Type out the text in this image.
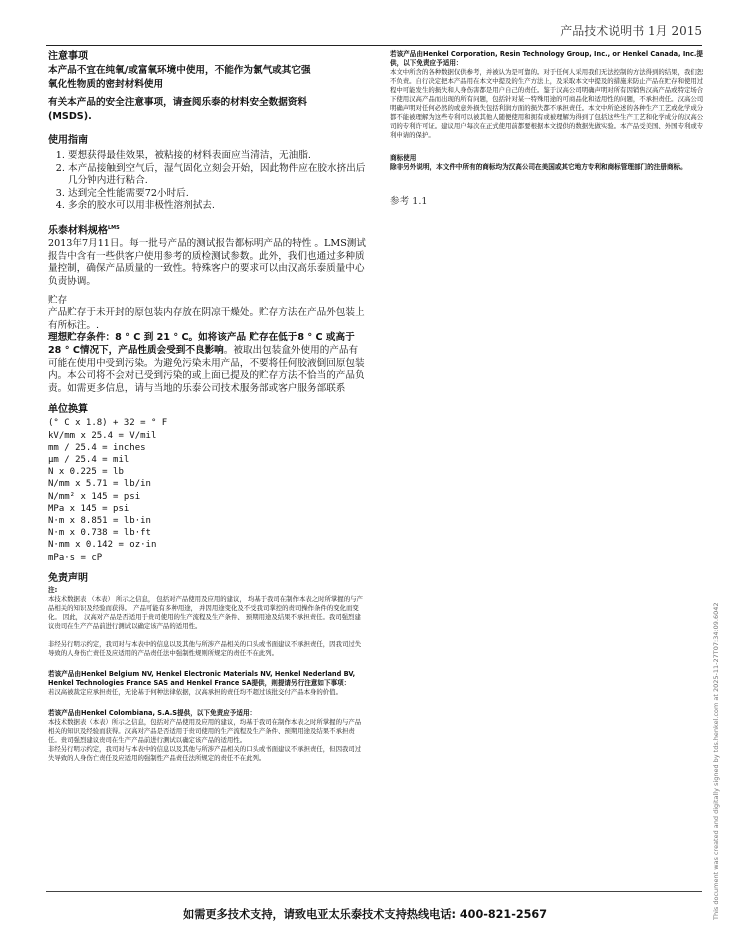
产品技术说明书 1月 2015

注意事项

本产品不宜在纯氧/或富氧环境中使用，不能作为氯气或其它强

氧化性物质的密封材料使用

有关本产品的安全注意事项，请查阅乐泰的材料安全数据资料

(MSDS).

使用指南

1. 要想获得最佳效果，被粘接的材料表面应当清洁，无油脂.
2. 本产品接触到空气后，湿气固化立刻会开始，因此物件应在胶水挤出后几分钟内进行粘合.
3. 达到完全性能需要72小时后.
4. 多余的胶水可以用非极性溶剂拭去.

乐泰材料规格$^{LMS}$

2013年7月11日。每一批号产品的测试报告都标明产品的特性 。LMS测试报告中含有一些供客户使用参考的质检测试参数。此外，我们也通过多种质量控制，确保产品质量的一致性。特殊客户的要求可以由汉高乐泰质量中心负责协调。

贮存

产品贮存于未开封的原包装内存放在阴凉干燥处。贮存方法在产品外包装上有所标注。.
理想贮存条件：8 ° C 到 21 ° C。如将该产品 贮存在低于8 ° C 或高于28 ° C情况下，产品性质会受到不良影响。被取出包装盒外使用的产品有可能在使用中受到污染。为避免污染未用产品，不要将任何胶液倒回原包装内。本公司将不会对已受到污染的或上面已提及的贮存方法不恰当的产品负责。如需更多信息，请与当地的乐泰公司技术服务部或客户服务部联系

单位换算

(° C x 1.8) + 32 = ° F

kV/mm x 25.4 = V/mil

mm / 25.4 = inches

µm / 25.4 = mil

N x 0.225 = lb

N/mm x 5.71 = lb/in

N/mm² x 145 = psi

MPa x 145 = psi

N·m x 8.851 = lb·in

N·m x 0.738 = lb·ft

N·mm x 0.142 = oz·in

mPa·s = cP

免责声明

注:

本技术数据表 （本表） 所示之信息， 包括对产品使用及应用的建议， 均基于我司在制作本表之时所掌握的与产品相关的知识及经验而获得。 产品可能有多种用途， 并因用途变化及不受我司掌控的责司操作条件的变化而变化。 因此， 汉高对产品是否适用于贵司使用的生产流程及生产条件、 预期用途及结果不承担责任。我司强烈建议贵司在生产产品前进行测试以确定该产品的适用性。

非经另行明示约定，我司对与本表中的信息以及其他与所涉产品相关的口头或书面建议不承担责任，因我司过失导致的人身伤亡责任及应适用的产品责任法中强制性规则所规定的责任不在此列。

若该产品由Henkel Belgium NV, Henkel Electronic Materials NV, Henkel Nederland BV, Henkel Technologies France SAS and Henkel France SA提供，则提请另行注意如下事项：

若汉高被裁定应承担责任，无论基于何种法律依据，汉高承担的责任均不超过该批交付产品本身的价值。

若该产品由Henkel Colombiana, S.A.S提供，以下免责应予适用：

本技术数据表（本表）所示之信息，包括对产品使用及应用的建议，均基于我司在制作本表之时所掌握的与产品相关的知识及经验而获得。汉高对产品是否适用于贵司使用的生产流程及生产条件、预期用途及结果不承担责任。贵司强烈建议贵司在生产产品前进行测试以确定该产品的适用性。

非经另行明示约定，我司对与本表中的信息以及其他与所涉产品相关的口头或书面建议不承担责任，但因我司过失导致的人身伤亡责任及应适用的强制性产品责任法所规定的责任不在此列。

若该产品由Henkel Corporation, Resin Technology Group, Inc., or Henkel Canada, Inc.提供，以下免责应予适用：

本文中所含的各种数据仅供参考，并被认为是可靠的。对于任何人采用我们无法控制的方法得到的结果，我们恕不负责。自行决定把本产品用在本文中提及的生产方法上，及采取本文中提及的措施来防止产品在贮存和使用过程中可能发生的损失和人身伤害都是用户自己的责任。鉴于汉高公司明确声明对所有因销售汉高产品或特定场合下使用汉高产品而出现的所有问题，包括针对某一特殊用途的可商品化和适用性的问题，不承担责任。汉高公司明确声明对任何必然的或意外损失包括利润方面的损失都不承担责任。本文中所论述的各种生产工艺或化学成分都不能被理解为这些专利可以被其他人随便使用和拥有或被理解为得到了包括这些生产工艺和化学成分的汉高公司的专利许可证。建议用户每次在正式使用前都要根据本文提供的数据先做实验。本产品受美国、外国专利或专利申请的保护。

商标使用

除非另外说明，本文件中所有的商标均为汉高公司在美国或其它地方专利和商标管理部门的注册商标。

参考 1.1

如需更多技术支持，请致电亚太乐泰技术支持热线电话: 400-821-2567	This document was created and digitally signed by tds.henkel.com at 2025-11-27T07:34:09.6042
